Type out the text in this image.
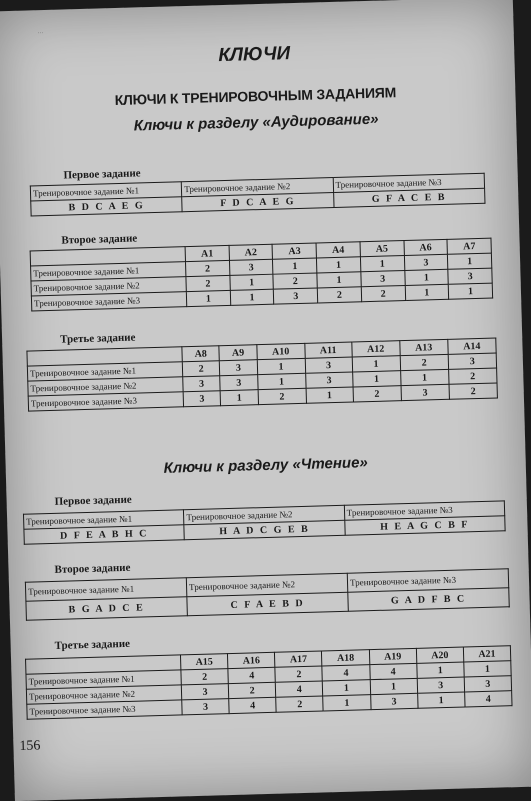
...
КЛЮЧИ
КЛЮЧИ К ТРЕНИРОВОЧНЫМ ЗАДАНИЯМ
Ключи к разделу «Аудирование»
Первое задание
Тренировочное задание №1	Тренировочное задание №2	Тренировочное задание №3
B D C A E G	F D C A E G	G F A C E B
Второе задание
	A1	A2	A3	A4	A5	A6	A7
Тренировочное задание №1	2	3	1	1	1	3	1
Тренировочное задание №2	2	1	2	1	3	1	3
Тренировочное задание №3	1	1	3	2	2	1	1
Третье задание
	A8	A9	A10	A11	A12	A13	A14
Тренировочное задание №1	2	3	1	3	1	2	3
Тренировочное задание №2	3	3	1	3	1	1	2
Тренировочное задание №3	3	1	2	1	2	3	2
Ключи к разделу «Чтение»
Первое задание
Тренировочное задание №1	Тренировочное задание №2	Тренировочное задание №3
D F E A B H C	H A D C G E B	H E A G C B F
Второе задание
Тренировочное задание №1	Тренировочное задание №2	Тренировочное задание №3
B G A D C E	C F A E B D	G A D F B C
Третье задание
	A15	A16	A17	A18	A19	A20	A21
Тренировочное задание №1	2	4	2	4	4	1	1
Тренировочное задание №2	3	2	4	1	1	3	3
Тренировочное задание №3	3	4	2	1	3	1	4
156
